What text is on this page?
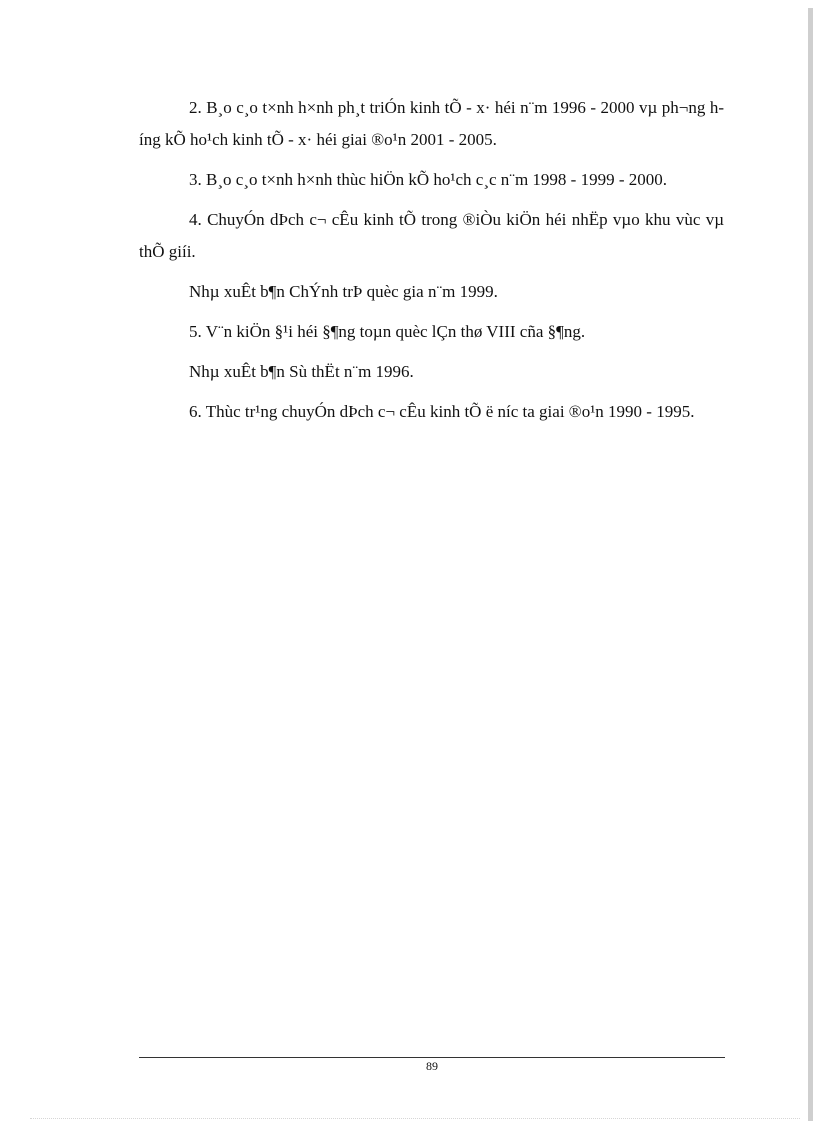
2. B¸o c¸o t×nh h×nh ph¸t triÓn kinh tÕ - x· héi n¨m 1996 - 2000 vµ ph¬ng híng kÕ ho¹ch kinh tÕ - x· héi giai ®o¹n 2001 - 2005.

3. B¸o c¸o t×nh h×nh thùc hiÖn kÕ ho¹ch c¸c n¨m 1998 - 1999 - 2000.

4. ChuyÓn dÞch c¬ cÊu kinh tÕ trong ®iÒu kiÖn héi nhËp vµo khu vùc vµ thÕ giíi.

Nhµ xuÊt b¶n ChÝnh trÞ quèc gia n¨m 1999.

5. V¨n kiÖn §¹i héi §¶ng toµn quèc lÇn thø VIII cña §¶ng.

Nhµ xuÊt b¶n Sù thËt n¨m 1996.

6. Thùc tr¹ng chuyÓn dÞch c¬ cÊu kinh tÕ ë níc ta giai ®o¹n 1990 - 1995.

89
